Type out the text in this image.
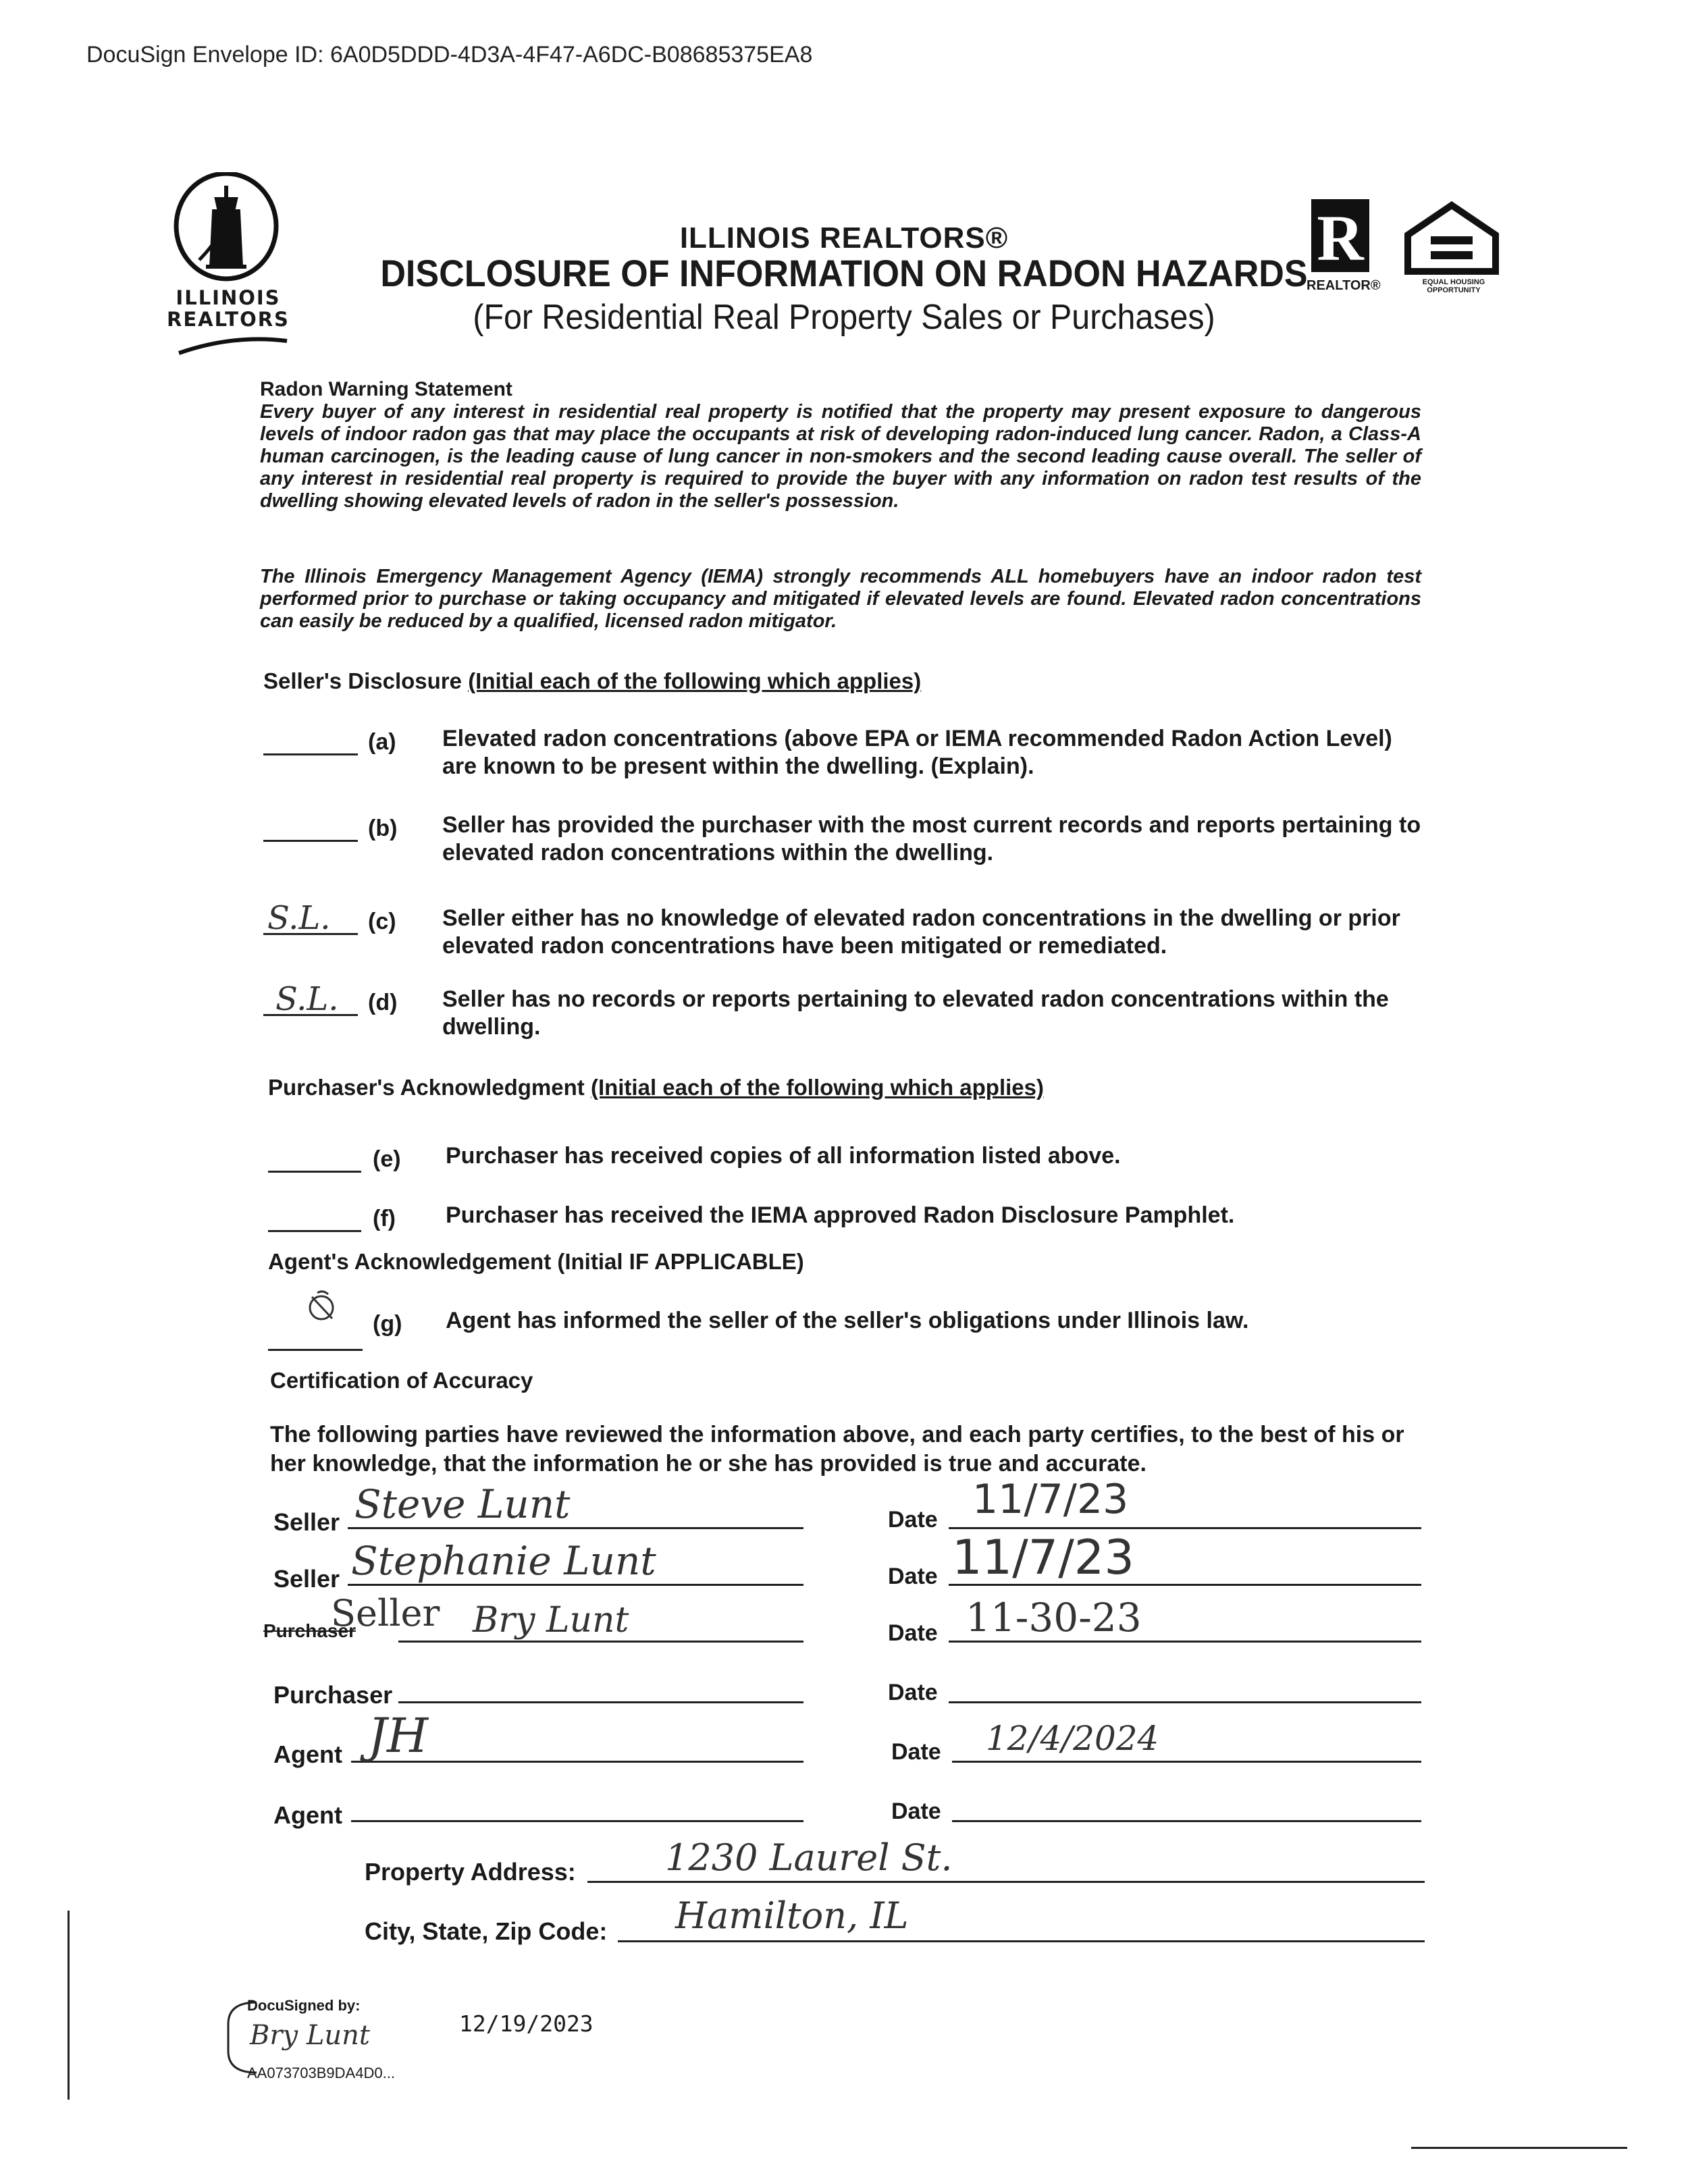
DocuSign Envelope ID: 6A0D5DDD-4D3A-4F47-A6DC-B08685375EA8
ILLINOIS
REALTORS
R
REALTOR®	EQUAL HOUSING OPPORTUNITY
ILLINOIS REALTORS®
DISCLOSURE OF INFORMATION ON RADON HAZARDS
(For Residential Real Property Sales or Purchases)
Radon Warning Statement
Every buyer of any interest in residential real property is notified that the property may present exposure to dangerous levels of indoor radon gas that may place the occupants at risk of developing radon-induced lung cancer. Radon, a Class-A human carcinogen, is the leading cause of lung cancer in non-smokers and the second leading cause overall. The seller of any interest in residential real property is required to provide the buyer with any information on radon test results of the dwelling showing elevated levels of radon in the seller's possession.
The Illinois Emergency Management Agency (IEMA) strongly recommends ALL homebuyers have an indoor radon test performed prior to purchase or taking occupancy and mitigated if elevated levels are found. Elevated radon concentrations can easily be reduced by a qualified, licensed radon mitigator.
Seller's Disclosure (Initial each of the following which applies)
(a) Elevated radon concentrations (above EPA or IEMA recommended Radon Action Level) are known to be present within the dwelling. (Explain).
(b) Seller has provided the purchaser with the most current records and reports pertaining to elevated radon concentrations within the dwelling.
S.L.	(c) Seller either has no knowledge of elevated radon concentrations in the dwelling or prior elevated radon concentrations have been mitigated or remediated.
S.L.	(d) Seller has no records or reports pertaining to elevated radon concentrations within the dwelling.
Purchaser's Acknowledgment (Initial each of the following which applies)
(e) Purchaser has received copies of all information listed above.
(f) Purchaser has received the IEMA approved Radon Disclosure Pamphlet.
Agent's Acknowledgement (Initial IF APPLICABLE)
(g) Agent has informed the seller of the seller's obligations under Illinois law.
Certification of Accuracy
The following parties have reviewed the information above, and each party certifies, to the best of his or her knowledge, that the information he or she has provided is true and accurate.
Seller Steve Lunt	Date 11/7/23
Seller Stephanie Lunt	Date 11/7/23
Purchaser
Seller Bry Lunt	Date 11-30-23
Purchaser	Date
Agent JH	Date 12/4/2024
Agent	Date
Property Address: 1230 Laurel St.
City, State, Zip Code: Hamilton, IL
DocuSigned by:
Bry Lunt
AA073703B9DA4D0...
12/19/2023
